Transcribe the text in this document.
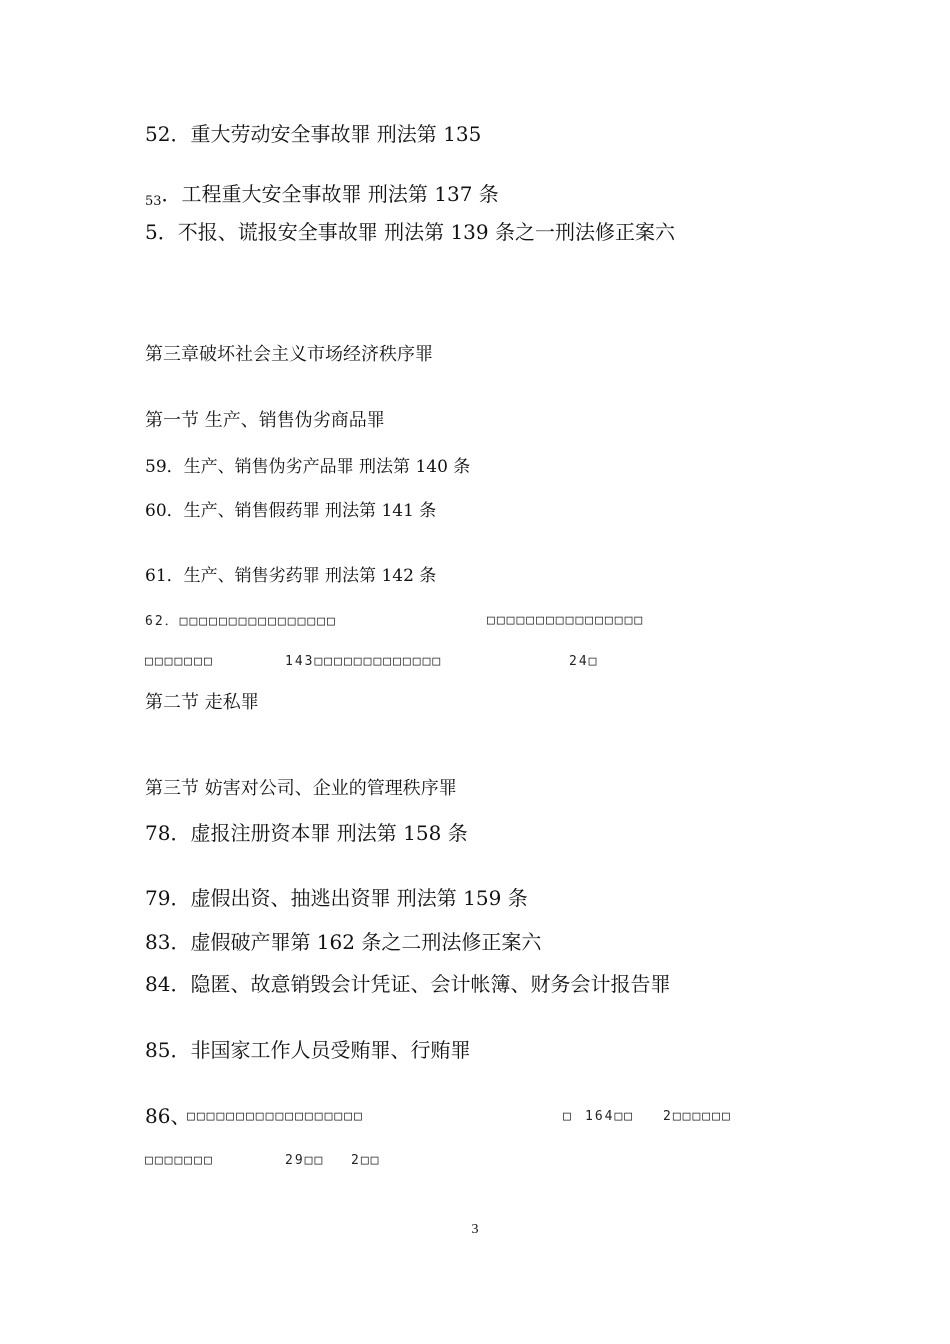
52．重大劳动安全事故罪 刑法第 135
$_{53}$．工程重大安全事故罪 刑法第 137 条
5．不报、谎报安全事故罪 刑法第 139 条之一刑法修正案六
第三章破坏社会主义市场经济秩序罪
第一节 生产、销售伪劣商品罪
59．生产、销售伪劣产品罪 刑法第 140 条
60．生产、销售假药罪 刑法第 141 条
61．生产、销售劣药罪 刑法第 142 条
62．□□□□□□□□□□□□□□□□	□□□□□□□□□□□□□□□□
□□□□□□□	143□□□□□□□□□□□□□	24□
第二节 走私罪
第三节 妨害对公司、企业的管理秩序罪
78．虚报注册资本罪 刑法第 158 条
79．虚假出资、抽逃出资罪 刑法第 159 条
83．虚假破产罪第 162 条之二刑法修正案六
84．隐匿、故意销毁会计凭证、会计帐簿、财务会计报告罪
85．非国家工作人员受贿罪、行贿罪
86、
□□□□□□□□□□□□□□□□□□	□ 164□□ 2□□□□□□
□□□□□□□	29□□ 2□□
3
